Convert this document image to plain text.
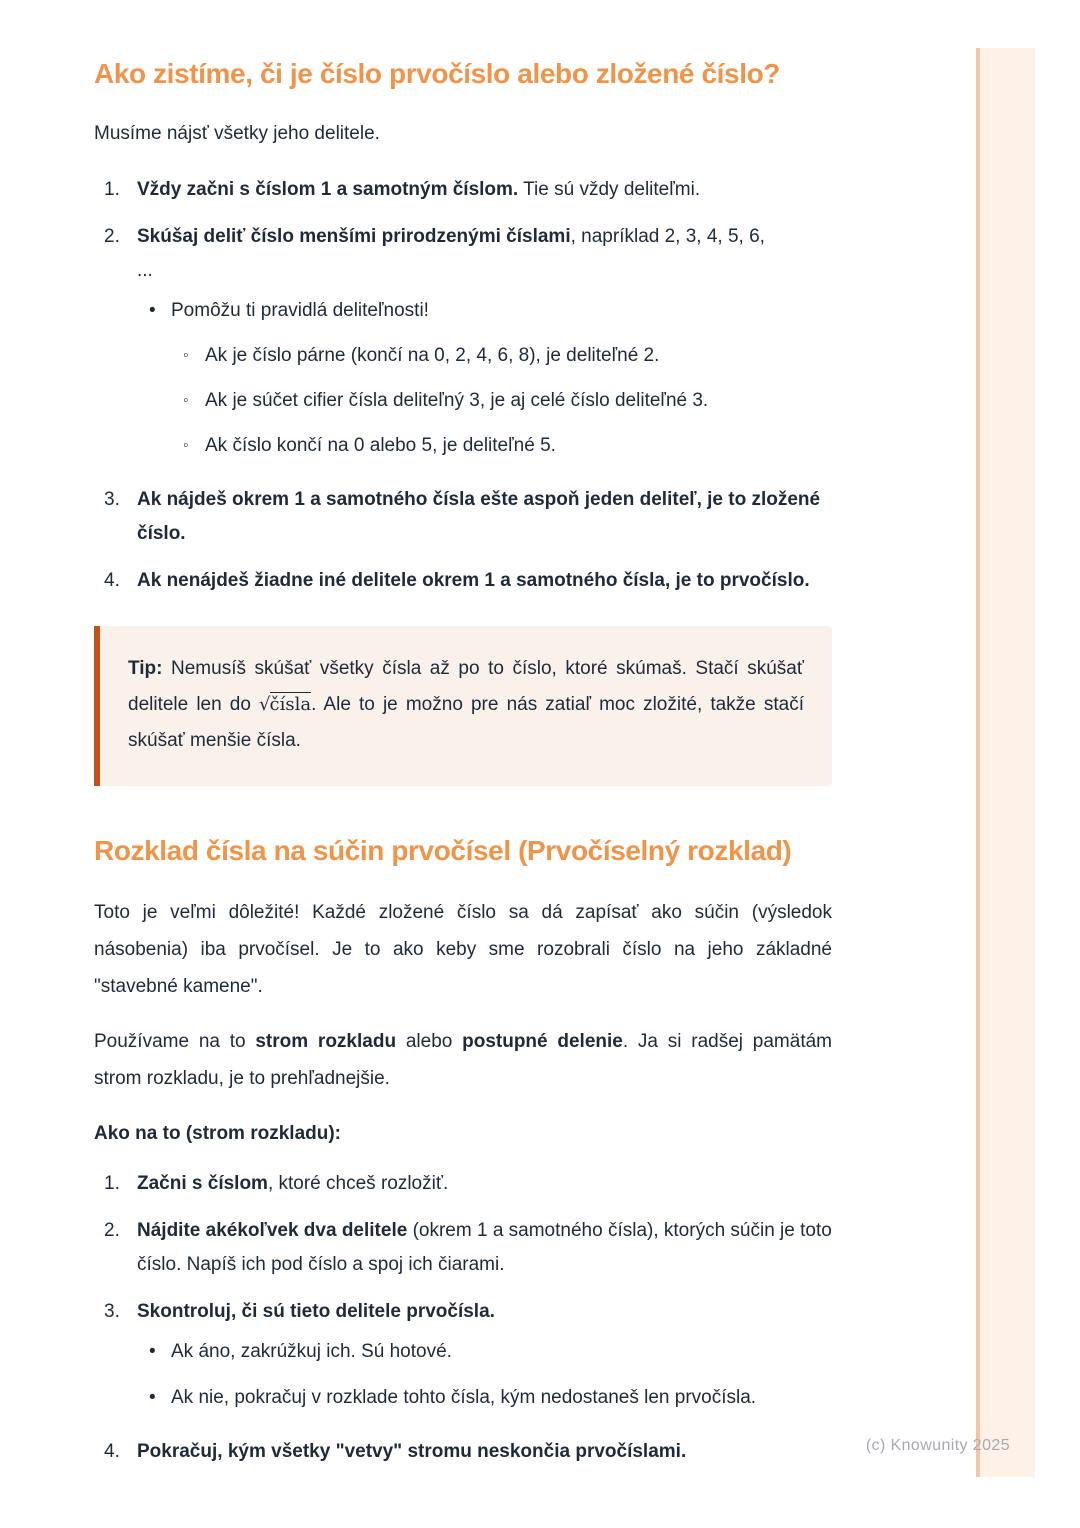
Ako zistíme, či je číslo prvočíslo alebo zložené číslo?

Musíme nájsť všetky jeho delitele.

1. Vždy začni s číslom 1 a samotným číslom. Tie sú vždy deliteľmi.
2. Skúšaj deliť číslo menšími prirodzenými číslami, napríklad 2, 3, 4, 5, 6,
...
• Pomôžu ti pravidlá deliteľnosti!
◦ Ak je číslo párne (končí na 0, 2, 4, 6, 8), je deliteľné 2.
◦ Ak je súčet cifier čísla deliteľný 3, je aj celé číslo deliteľné 3.
◦ Ak číslo končí na 0 alebo 5, je deliteľné 5.
3. Ak nájdeš okrem 1 a samotného čísla ešte aspoň jeden deliteľ, je to zložené číslo.
4. Ak nenájdeš žiadne iné delitele okrem 1 a samotného čísla, je to prvočíslo.
Tip: Nemusíš skúšať všetky čísla až po to číslo, ktoré skúmaš. Stačí skúšať delitele len do √čísla. Ale to je možno pre nás zatiaľ moc zložité, takže stačí skúšať menšie čísla.
Rozklad čísla na súčin prvočísel (Prvočíselný rozklad)

Toto je veľmi dôležité! Každé zložené číslo sa dá zapísať ako súčin (výsledok násobenia) iba prvočísel. Je to ako keby sme rozobrali číslo na jeho základné "stavebné kamene".

Používame na to strom rozkladu alebo postupné delenie. Ja si radšej pamätám strom rozkladu, je to prehľadnejšie.

Ako na to (strom rozkladu):

1. Začni s číslom, ktoré chceš rozložiť.
2. Nájdite akékoľvek dva delitele (okrem 1 a samotného čísla), ktorých súčin je toto číslo. Napíš ich pod číslo a spoj ich čiarami.
3. Skontroluj, či sú tieto delitele prvočísla.
• Ak áno, zakrúžkuj ich. Sú hotové.
• Ak nie, pokračuj v rozklade tohto čísla, kým nedostaneš len prvočísla.
4. Pokračuj, kým všetky "vetvy" stromu neskončia prvočíslami.	(c) Knowunity 2025
